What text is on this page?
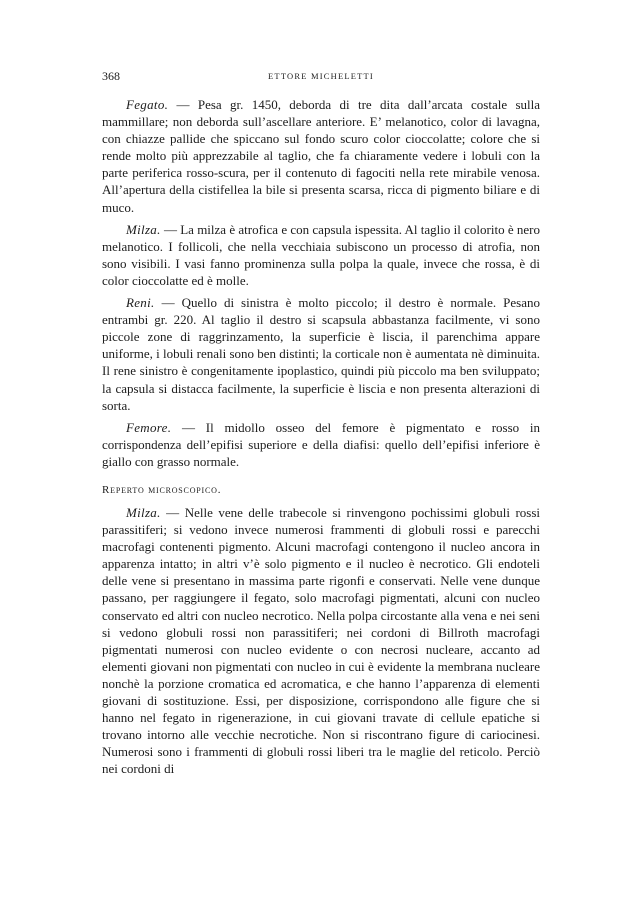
368	ETTORE MICHELETTI

Fegato. — Pesa gr. 1450, deborda di tre dita dall’arcata costale sulla mammillare; non deborda sull’ascellare anteriore. E’ melanotico, color di lavagna, con chiazze pallide che spiccano sul fondo scuro color cioccolatte; colore che si rende molto più apprezzabile al taglio, che fa chiaramente vedere i lobuli con la parte periferica rosso-scura, per il contenuto di fagociti nella rete mirabile venosa. All’apertura della cistifellea la bile si presenta scarsa, ricca di pigmento biliare e di muco.

Milza. — La milza è atrofica e con capsula ispessita. Al taglio il colorito è nero melanotico. I follicoli, che nella vecchiaia subiscono un processo di atrofia, non sono visibili. I vasi fanno prominenza sulla polpa la quale, invece che rossa, è di color cioccolatte ed è molle.

Reni. — Quello di sinistra è molto piccolo; il destro è normale. Pesano entrambi gr. 220. Al taglio il destro si scapsula abbastanza facilmente, vi sono piccole zone di raggrinzamento, la superficie è liscia, il parenchima appare uniforme, i lobuli renali sono ben distinti; la corticale non è aumentata nè diminuita. Il rene sinistro è congenitamente ipoplastico, quindi più piccolo ma ben sviluppato; la capsula si distacca facilmente, la superficie è liscia e non presenta alterazioni di sorta.

Femore. — Il midollo osseo del femore è pigmentato e rosso in corrispondenza dell’epifisi superiore e della diafisi: quello dell’epifisi inferiore è giallo con grasso normale.

Reperto microscopico.

Milza. — Nelle vene delle trabecole si rinvengono pochissimi globuli rossi parassitiferi; si vedono invece numerosi frammenti di globuli rossi e parecchi macrofagi contenenti pigmento. Alcuni macrofagi contengono il nucleo ancora in apparenza intatto; in altri v’è solo pigmento e il nucleo è necrotico. Gli endoteli delle vene si presentano in massima parte rigonfi e conservati. Nelle vene dunque passano, per raggiungere il fegato, solo macrofagi pigmentati, alcuni con nucleo conservato ed altri con nucleo necrotico. Nella polpa circostante alla vena e nei seni si vedono globuli rossi non parassitiferi; nei cordoni di Billroth macrofagi pigmentati numerosi con nucleo evidente o con necrosi nucleare, accanto ad elementi giovani non pigmentati con nucleo in cui è evidente la membrana nucleare nonchè la porzione cromatica ed acromatica, e che hanno l’apparenza di elementi giovani di sostituzione. Essi, per disposizione, corrispondono alle figure che si hanno nel fegato in rigenerazione, in cui giovani travate di cellule epatiche si trovano intorno alle vecchie necrotiche. Non si riscontrano figure di cariocinesi. Numerosi sono i frammenti di globuli rossi liberi tra le maglie del reticolo. Perciò nei cordoni di
